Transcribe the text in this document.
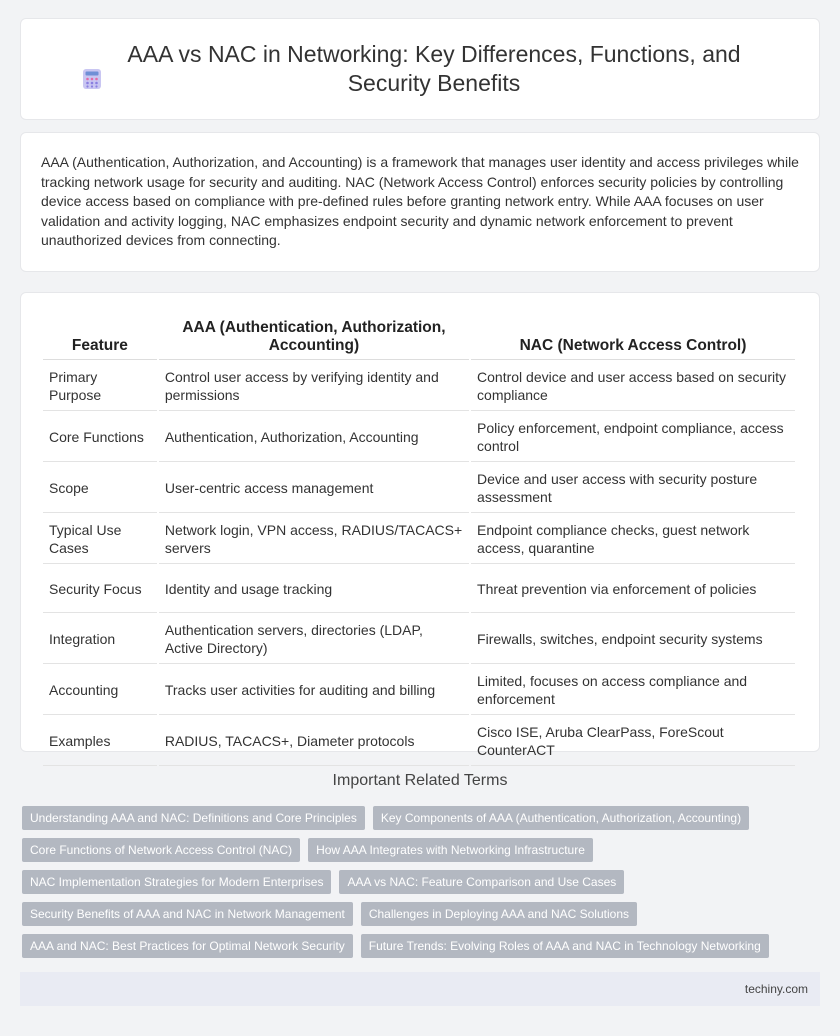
AAA vs NAC in Networking: Key Differences, Functions, and Security Benefits

AAA (Authentication, Authorization, and Accounting) is a framework that manages user identity and access privileges while tracking network usage for security and auditing. NAC (Network Access Control) enforces security policies by controlling device access based on compliance with pre-defined rules before granting network entry. While AAA focuses on user validation and activity logging, NAC emphasizes endpoint security and dynamic network enforcement to prevent unauthorized devices from connecting.

Feature	AAA (Authentication, Authorization, Accounting)	NAC (Network Access Control)
Primary Purpose	Control user access by verifying identity and permissions	Control device and user access based on security compliance
Core Functions	Authentication, Authorization, Accounting	Policy enforcement, endpoint compliance, access control
Scope	User-centric access management	Device and user access with security posture assessment
Typical Use Cases	Network login, VPN access, RADIUS/TACACS+ servers	Endpoint compliance checks, guest network access, quarantine
Security Focus	Identity and usage tracking	Threat prevention via enforcement of policies
Integration	Authentication servers, directories (LDAP, Active Directory)	Firewalls, switches, endpoint security systems
Accounting	Tracks user activities for auditing and billing	Limited, focuses on access compliance and enforcement
Examples	RADIUS, TACACS+, Diameter protocols	Cisco ISE, Aruba ClearPass, ForeScout CounterACT
Important Related Terms
Understanding AAA and NAC: Definitions and Core Principles	Key Components of AAA (Authentication, Authorization, Accounting)
Core Functions of Network Access Control (NAC)	How AAA Integrates with Networking Infrastructure
NAC Implementation Strategies for Modern Enterprises	AAA vs NAC: Feature Comparison and Use Cases
Security Benefits of AAA and NAC in Network Management	Challenges in Deploying AAA and NAC Solutions
AAA and NAC: Best Practices for Optimal Network Security	Future Trends: Evolving Roles of AAA and NAC in Technology Networking
techiny.com
